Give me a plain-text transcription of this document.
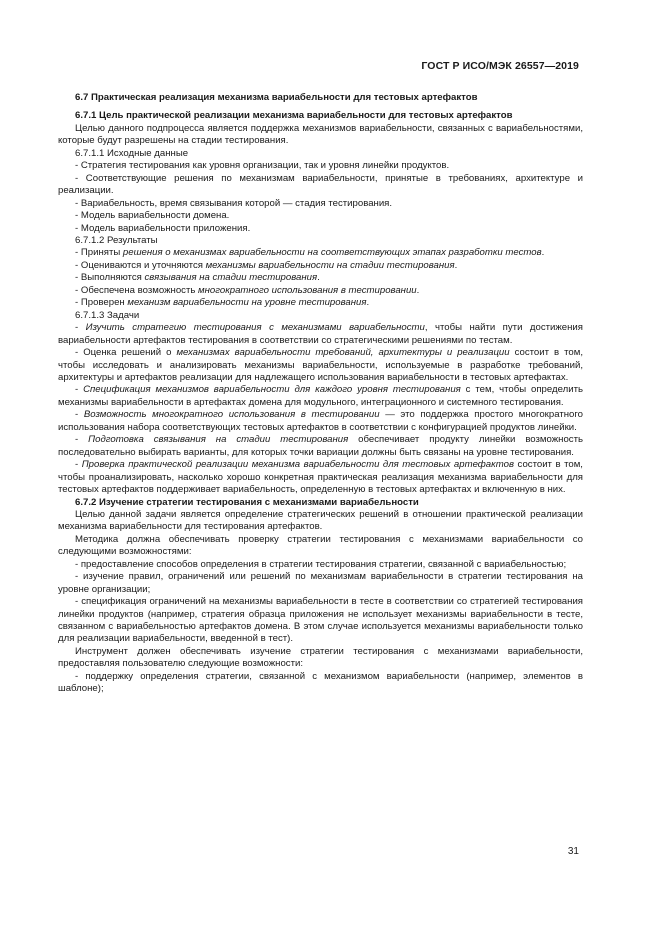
ГОСТ Р ИСО/МЭК 26557—2019

6.7 Практическая реализация механизма вариабельности для тестовых артефактов

6.7.1 Цель практической реализации механизма вариабельности для тестовых артефактов

Целью данного подпроцесса является поддержка механизмов вариабельности, связанных с вариабельностями, которые будут разрешены на стадии тестирования.

6.7.1.1 Исходные данные

- Стратегия тестирования как уровня организации, так и уровня линейки продуктов.

- Соответствующие решения по механизмам вариабельности, принятые в требованиях, архитектуре и реализации.

- Вариабельность, время связывания которой — стадия тестирования.

- Модель вариабельности домена.

- Модель вариабельности приложения.

6.7.1.2 Результаты

- Приняты решения о механизмах вариабельности на соответствующих этапах разработки тестов.

- Оцениваются и уточняются механизмы вариабельности на стадии тестирования.

- Выполняются связывания на стадии тестирования.

- Обеспечена возможность многократного использования в тестировании.

- Проверен механизм вариабельности на уровне тестирования.

6.7.1.3 Задачи

- Изучить стратегию тестирования с механизмами вариабельности, чтобы найти пути достижения вариабельности артефактов тестирования в соответствии со стратегическими решениями по тестам.

- Оценка решений о механизмах вариабельности требований, архитектуры и реализации состоит в том, чтобы исследовать и анализировать механизмы вариабельности, используемые в разработке требований, архитектуры и артефактов реализации для надлежащего использования вариабельности в тестовых артефактах.

- Спецификация механизмов вариабельности для каждого уровня тестирования с тем, чтобы определить механизмы вариабельности в артефактах домена для модульного, интеграционного и системного тестирования.

- Возможность многократного использования в тестировании — это поддержка простого многократного использования набора соответствующих тестовых артефактов в соответствии с конфигурацией продуктов линейки.

- Подготовка связывания на стадии тестирования обеспечивает продукту линейки возможность последовательно выбирать варианты, для которых точки вариации должны быть связаны на уровне тестирования.

- Проверка практической реализации механизма вариабельности для тестовых артефактов состоит в том, чтобы проанализировать, насколько хорошо конкретная практическая реализация механизма вариабельности для тестовых артефактов поддерживает вариабельность, определенную в тестовых артефактах и включенную в них.

6.7.2 Изучение стратегии тестирования с механизмами вариабельности

Целью данной задачи является определение стратегических решений в отношении практической реализации механизма вариабельности для тестирования артефактов.

Методика должна обеспечивать проверку стратегии тестирования с механизмами вариабельности со следующими возможностями:

- предоставление способов определения в стратегии тестирования стратегии, связанной с вариабельностью;

- изучение правил, ограничений или решений по механизмам вариабельности в стратегии тестирования на уровне организации;

- спецификация ограничений на механизмы вариабельности в тесте в соответствии со стратегией тестирования линейки продуктов (например, стратегия образца приложения не использует механизмы вариабельности в тесте, связанном с вариабельностью артефактов домена. В этом случае используется механизмы вариабельности только для реализации вариабельности, введенной в тест).

Инструмент должен обеспечивать изучение стратегии тестирования с механизмами вариабельности, предоставляя пользователю следующие возможности:

- поддержку определения стратегии, связанной с механизмом вариабельности (например, элементов в шаблоне);

31
